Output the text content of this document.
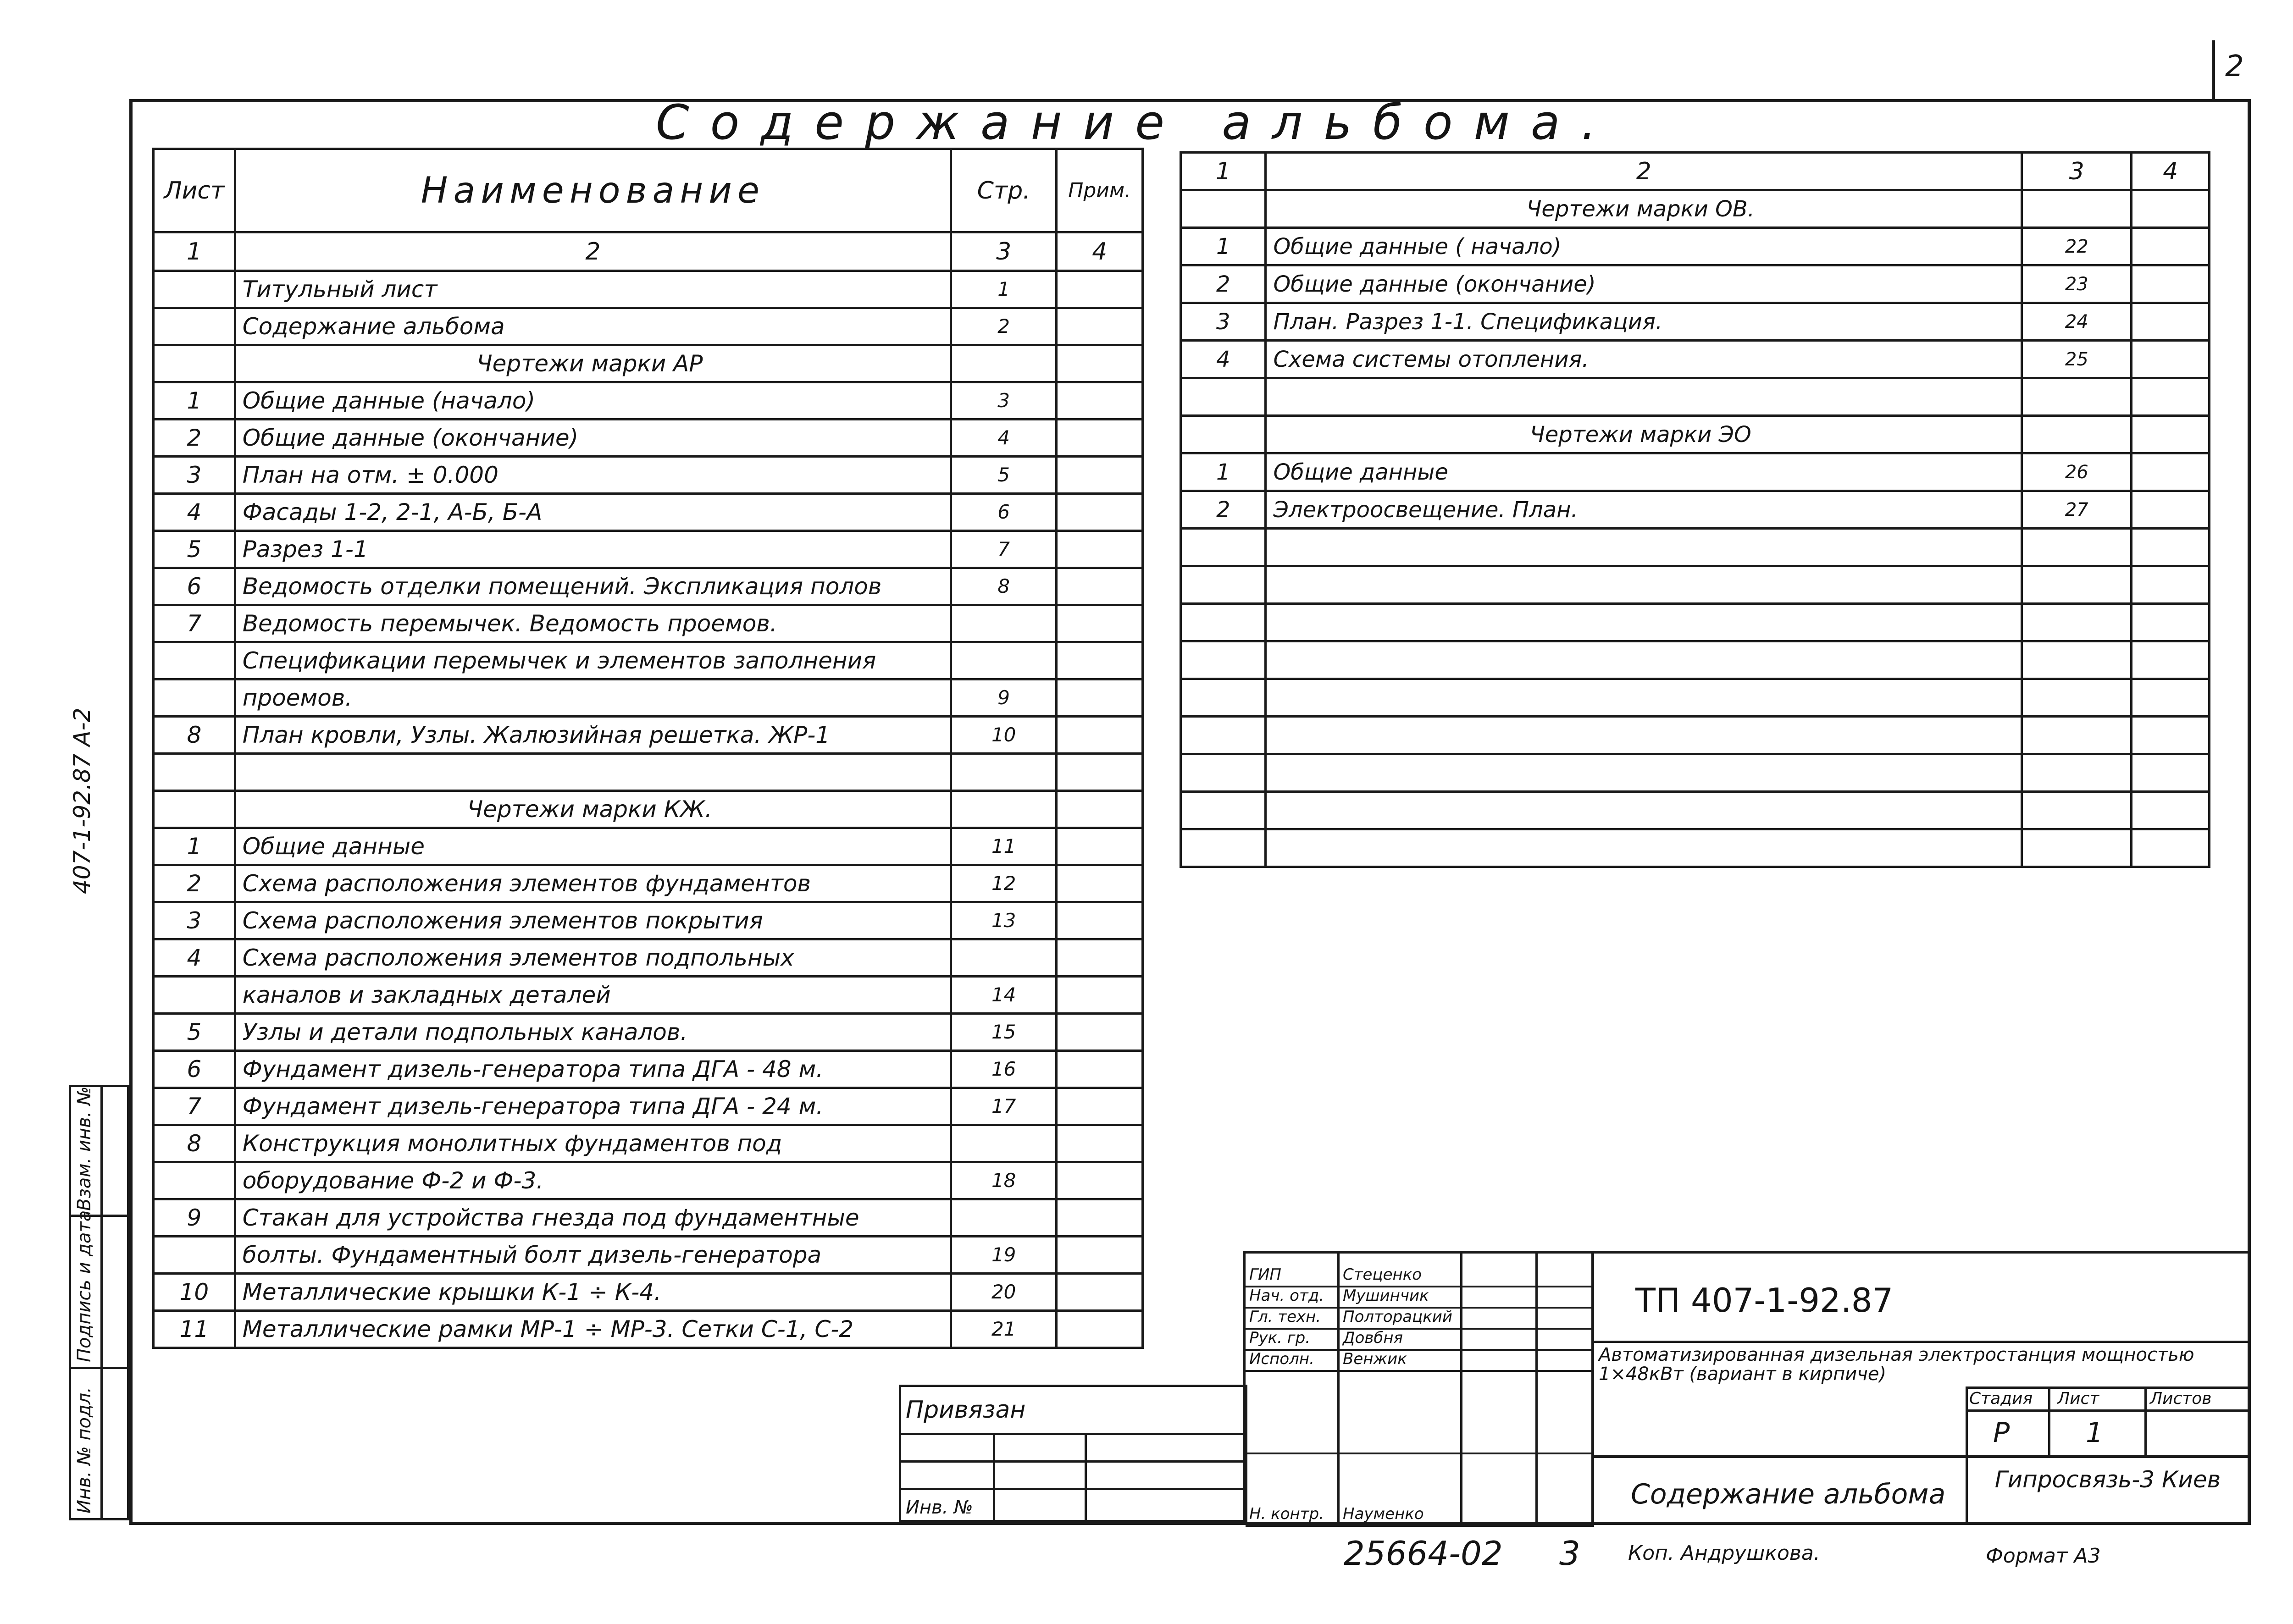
2
Содержание альбома.
Лист	Наименование	Стр.	Прим.
1	2	3	4
	Титульный лист	1	
	Содержание альбома	2	
	Чертежи марки АР		
1	Общие данные (начало)	3	
2	Общие данные (окончание)	4	
3	План на отм. ± 0.000	5	
4	Фасады 1-2, 2-1, А-Б, Б-А	6	
5	Разрез 1-1	7	
6	Ведомость отделки помещений. Экспликация полов	8	
7	Ведомость перемычек. Ведомость проемов.		
	Спецификации перемычек и элементов заполнения		
	проемов.	9	
8	План кровли, Узлы. Жалюзийная решетка. ЖР-1	10	

	Чертежи марки КЖ.		
1	Общие данные	11	
2	Схема расположения элементов фундаментов	12	
3	Схема расположения элементов покрытия	13	
4	Схема расположения элементов подпольных		
	каналов и закладных деталей	14	
5	Узлы и детали подпольных каналов.	15	
6	Фундамент дизель-генератора типа ДГА - 48 м.	16	
7	Фундамент дизель-генератора типа ДГА - 24 м.	17	
8	Конструкция монолитных фундаментов под		
	оборудование Ф-2 и Ф-3.	18	
9	Стакан для устройства гнезда под фундаментные		
	болты. Фундаментный болт дизель-генератора	19	
10	Металлические крышки К-1 ÷ К-4.	20	
11	Металлические рамки МР-1 ÷ МР-3. Сетки С-1, С-2	21	
1	2	3	4
	Чертежи марки ОВ.		
1	Общие данные ( начало)	22	
2	Общие данные (окончание)	23	
3	План. Разрез 1-1. Спецификация.	24	
4	Схема системы отопления.	25	

	Чертежи марки ЭО		
1	Общие данные	26	
2	Электроосвещение. План.	27	

407-1-92.87 А-2
Инв. № подл.
Подпись и дата
Взам. инв. №
Привязан
Инв. №
ГИП	Стеценко
Нач. отд. Мушинчик
Гл. техн. Полторацкий
Рук. гр. Довбня
Исполн. Венжик
Н. контр. Науменко
ТП 407-1-92.87
Автоматизированная дизельная электростанция мощностью 1×48кВт (вариант в кирпиче)
Стадия Лист	Листов
Р	1
Содержание альбома Гипросвязь-3 Киев
25664-02 3 Коп. Андрушкова.	Формат А3
